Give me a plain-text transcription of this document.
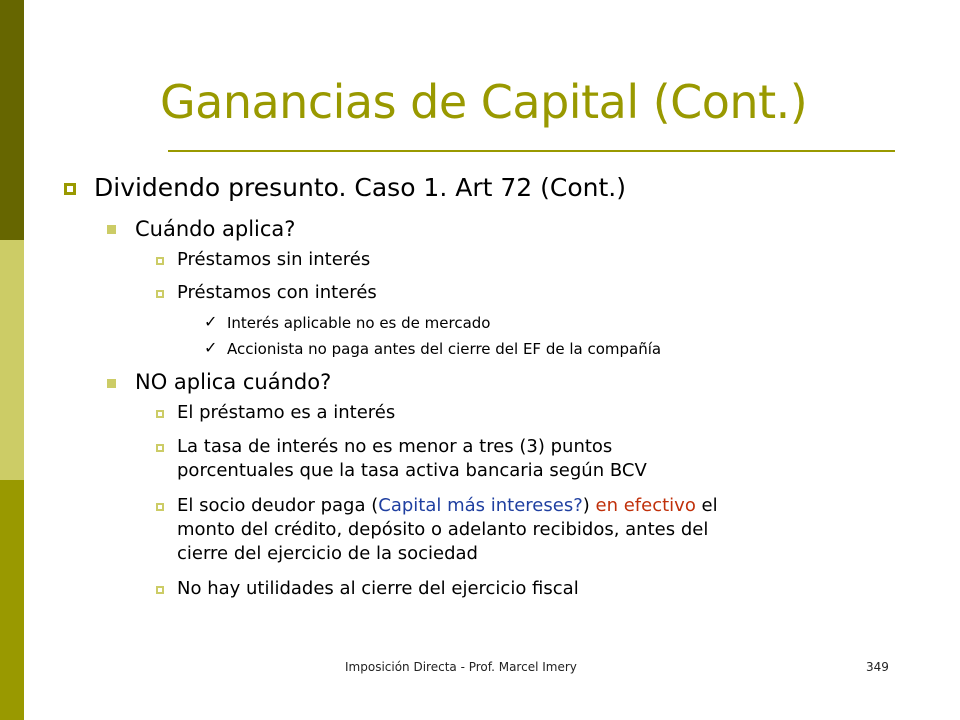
Ganancias de Capital (Cont.)
Dividendo presunto. Caso 1. Art 72 (Cont.)
Cuándo aplica?
Préstamos sin interés
Préstamos con interés
✓ Interés aplicable no es de mercado
✓ Accionista no paga antes del cierre del EF de la compañía
NO aplica cuándo?
El préstamo es a interés
La tasa de interés no es menor a tres (3) puntos
porcentuales que la tasa activa bancaria según BCV
El socio deudor paga (Capital más intereses?) en efectivo el
monto del crédito, depósito o adelanto recibidos, antes del
cierre del ejercicio de la sociedad
No hay utilidades al cierre del ejercicio fiscal
Imposición Directa - Prof. Marcel Imery	349
